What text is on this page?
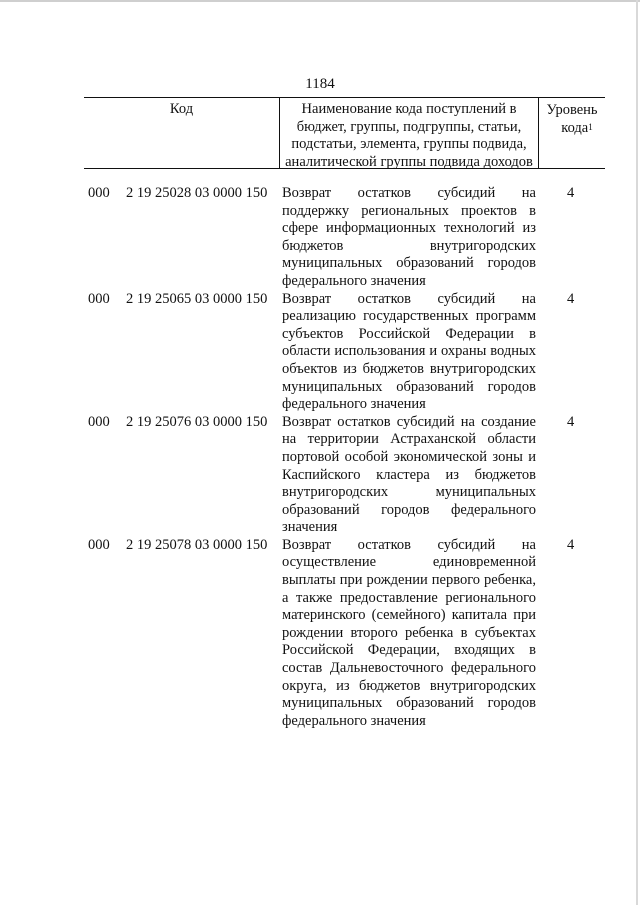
1184
Код	Наименование кода поступлений в бюджет, группы, подгруппы, статьи, подстатьи, элемента, группы подвида, аналитической группы подвида доходов
Уровень
кода$^1$
000 2 19 25028 03 0000 150 Возврат остатков субсидий на поддержку региональных проектов в сфере информационных технологий из бюджетов внутригородских муниципальных образований городов федерального значения
4
000 2 19 25065 03 0000 150 Возврат остатков субсидий на реализацию государственных программ субъектов Российской Федерации в области использования и охраны водных объектов из бюджетов внутригородских муниципальных образований городов федерального значения
4
000 2 19 25076 03 0000 150 Возврат остатков субсидий на создание на территории Астраханской области портовой особой экономической зоны и Каспийского кластера из бюджетов внутригородских муниципальных образований городов федерального значения
4
000 2 19 25078 03 0000 150 Возврат остатков субсидий на осуществление единовременной выплаты при рождении первого ребенка, а также предоставление регионального материнского (семейного) капитала при рождении второго ребенка в субъектах Российской Федерации, входящих в состав Дальневосточного федерального округа, из бюджетов внутригородских муниципальных образований городов федерального значения
4
